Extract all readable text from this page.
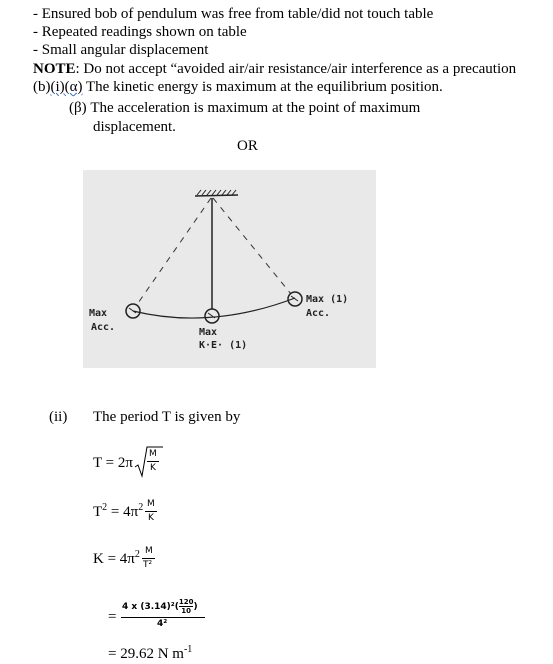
- Ensured bob of pendulum was free from table/did not touch table
- Repeated readings shown on table
- Small angular displacement
NOTE: Do not accept “avoided air/air resistance/air interference as a precaution
(b)(i)(α) The kinetic energy is maximum at the equilibrium position.
(β) The acceleration is maximum at the point of maximum
displacement.
OR
Max
Acc.	Max
K·E· (1)
Max (1)
Acc.
(ii) The period T is given by
T = 2π
M
K
$T^2 = 4\pi^2$ M
K
$K = 4\pi^2$ M
T²
=
4 x $(3.14)^2( \frac{120}{10}$ )
4²
= 29.62 N $m^{-1}$
